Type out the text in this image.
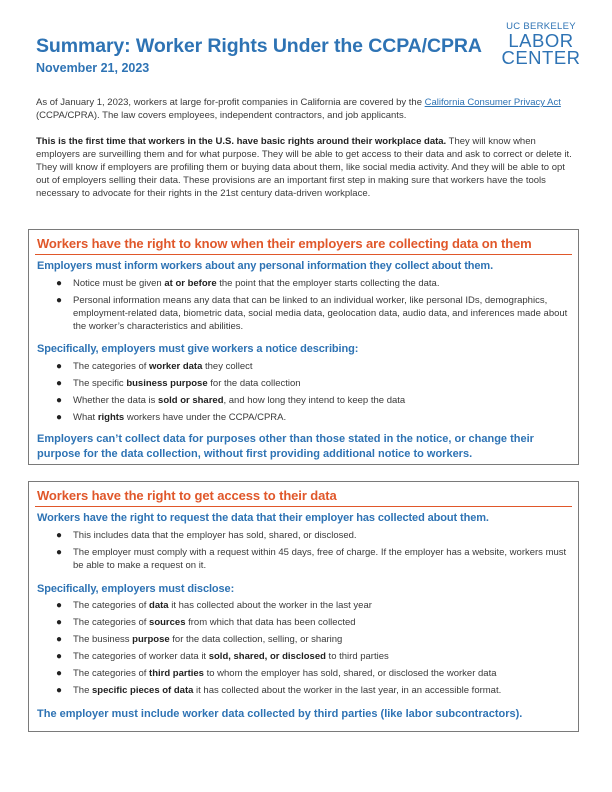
Summary: Worker Rights Under the CCPA/CPRA
November 21, 2023
UC BERKELEY
LABOR
CENTER
As of January 1, 2023, workers at large for-profit companies in California are covered by the California Consumer Privacy Act (CCPA/CPRA). The law covers employees, independent contractors, and job applicants.
This is the first time that workers in the U.S. have basic rights around their workplace data. They will know when employers are surveilling them and for what purpose. They will be able to get access to their data and ask to correct or delete it. They will know if employers are profiling them or buying data about them, like social media activity. And they will be able to opt out of employers selling their data. These provisions are an important first step in making sure that workers have the tools necessary to advocate for their rights in the 21st century data-driven workplace.
Workers have the right to know when their employers are collecting data on them
Employers must inform workers about any personal information they collect about them.
● Notice must be given at or before the point that the employer starts collecting the data.
● Personal information means any data that can be linked to an individual worker, like personal IDs, demographics, employment-related data, biometric data, social media data, geolocation data, audio data, and inferences made about the worker’s characteristics and abilities.
Specifically, employers must give workers a notice describing:
● The categories of worker data they collect
● The specific business purpose for the data collection
● Whether the data is sold or shared, and how long they intend to keep the data
● What rights workers have under the CCPA/CPRA.
Employers can’t collect data for purposes other than those stated in the notice, or change their purpose for the data collection, without first providing additional notice to workers.
Workers have the right to get access to their data
Workers have the right to request the data that their employer has collected about them.
● This includes data that the employer has sold, shared, or disclosed.
● The employer must comply with a request within 45 days, free of charge. If the employer has a website, workers must be able to make a request on it.
Specifically, employers must disclose:
● The categories of data it has collected about the worker in the last year
● The categories of sources from which that data has been collected
● The business purpose for the data collection, selling, or sharing
● The categories of worker data it sold, shared, or disclosed to third parties
● The categories of third parties to whom the employer has sold, shared, or disclosed the worker data
● The specific pieces of data it has collected about the worker in the last year, in an accessible format.
The employer must include worker data collected by third parties (like labor subcontractors).
